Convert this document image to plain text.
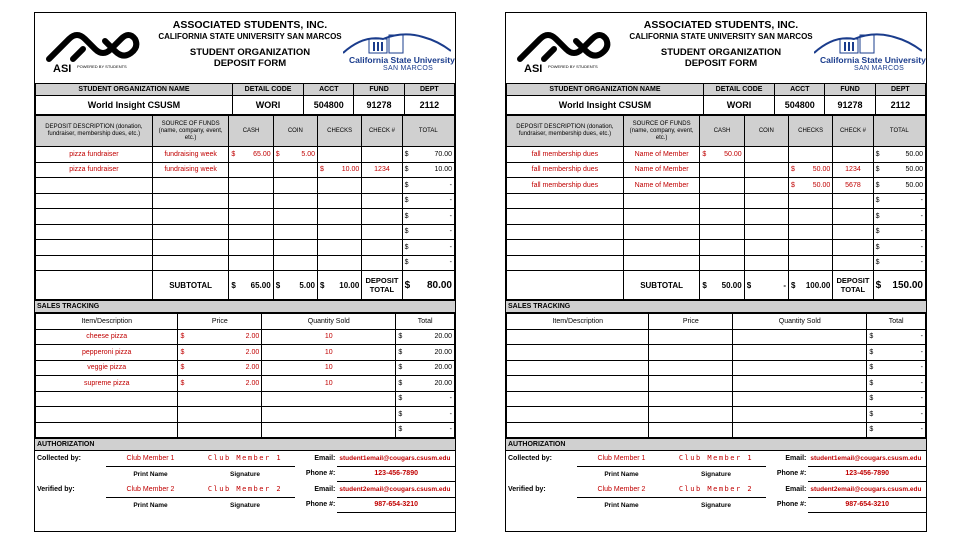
ASI POWERED BY STUDENTS
ASSOCIATED STUDENTS, INC.
CALIFORNIA STATE UNIVERSITY SAN MARCOS
STUDENT ORGANIZATION
DEPOSIT FORM	California State University
SAN MARCOS
STUDENT ORGANIZATION NAME	DETAIL CODE	ACCT	FUND	DEPT
World Insight CSUSM	WORI	504800	91278	2112
DEPOSIT DESCRIPTION (donation, fundraiser, membership dues, etc.)	SOURCE OF FUNDS (name, company, event, etc.)	CASH	COIN	CHECKS	CHECK #	TOTAL
pizza fundraiser	fundraising week	$ 65.00	$ 5.00			$ 70.00

pizza fundraiser	fundraising week			$ 10.00	1234	$ 10.00

						$ -

						$ -

						$ -

						$ -

						$ -

						$ -

	SUBTOTAL	$ 65.00	$ 5.00	$ 10.00	DEPOSIT TOTAL	$ 80.00
SALES TRACKING
Item/Description	Price	Quantity Sold	Total
cheese pizza	$ 2.00	10	$ 20.00

pepperoni pizza	$ 2.00	10	$ 20.00

veggie pizza	$ 2.00	10	$ 20.00

supreme pizza	$ 2.00	10	$ 20.00

			$ -

			$ -

			$ -
AUTHORIZATION
Collected by:	Club Member 1	Club Member 1	Email:	student1email@cougars.csusm.edu
	Print Name	Signature	Phone #:	123-456-7890
Verified by:	Club Member 2	Club Member 2	Email:	student2email@cougars.csusm.edu
	Print Name	Signature	Phone #:	987-654-3210
ASI POWERED BY STUDENTS
ASSOCIATED STUDENTS, INC.
CALIFORNIA STATE UNIVERSITY SAN MARCOS
STUDENT ORGANIZATION
DEPOSIT FORM	California State University
SAN MARCOS
STUDENT ORGANIZATION NAME	DETAIL CODE	ACCT	FUND	DEPT
World Insight CSUSM	WORI	504800	91278	2112
DEPOSIT DESCRIPTION (donation, fundraiser, membership dues, etc.)	SOURCE OF FUNDS (name, company, event, etc.)	CASH	COIN	CHECKS	CHECK #	TOTAL
fall membership dues	Name of Member	$ 50.00				$ 50.00

fall membership dues	Name of Member			$ 50.00	1234	$ 50.00

fall membership dues	Name of Member			$ 50.00	5678	$ 50.00

						$ -

						$ -

						$ -

						$ -

						$ -

	SUBTOTAL	$ 50.00	$ -	$ 100.00	DEPOSIT TOTAL	$ 150.00
SALES TRACKING
Item/Description	Price	Quantity Sold	Total

			$ -

			$ -

			$ -

			$ -

			$ -

			$ -

			$ -
AUTHORIZATION
Collected by:	Club Member 1	Club Member 1	Email:	student1email@cougars.csusm.edu
	Print Name	Signature	Phone #:	123-456-7890
Verified by:	Club Member 2	Club Member 2	Email:	student2email@cougars.csusm.edu
	Print Name	Signature	Phone #:	987-654-3210
